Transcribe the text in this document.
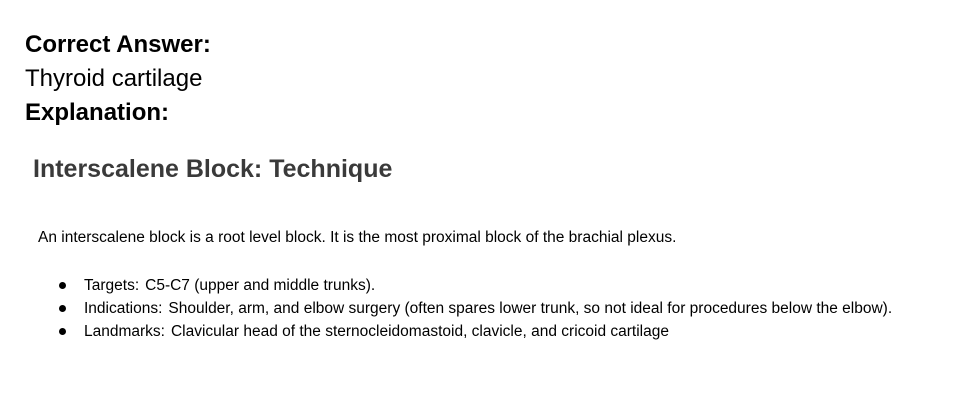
Correct Answer:
Thyroid cartilage
Explanation:
Interscalene Block: Technique
An interscalene block is a root level block. It is the most proximal block of the brachial plexus.
Targets: C5-C7 (upper and middle trunks).
Indications: Shoulder, arm, and elbow surgery (often spares lower trunk, so not ideal for procedures below the elbow).
Landmarks: Clavicular head of the sternocleidomastoid, clavicle, and cricoid cartilage
